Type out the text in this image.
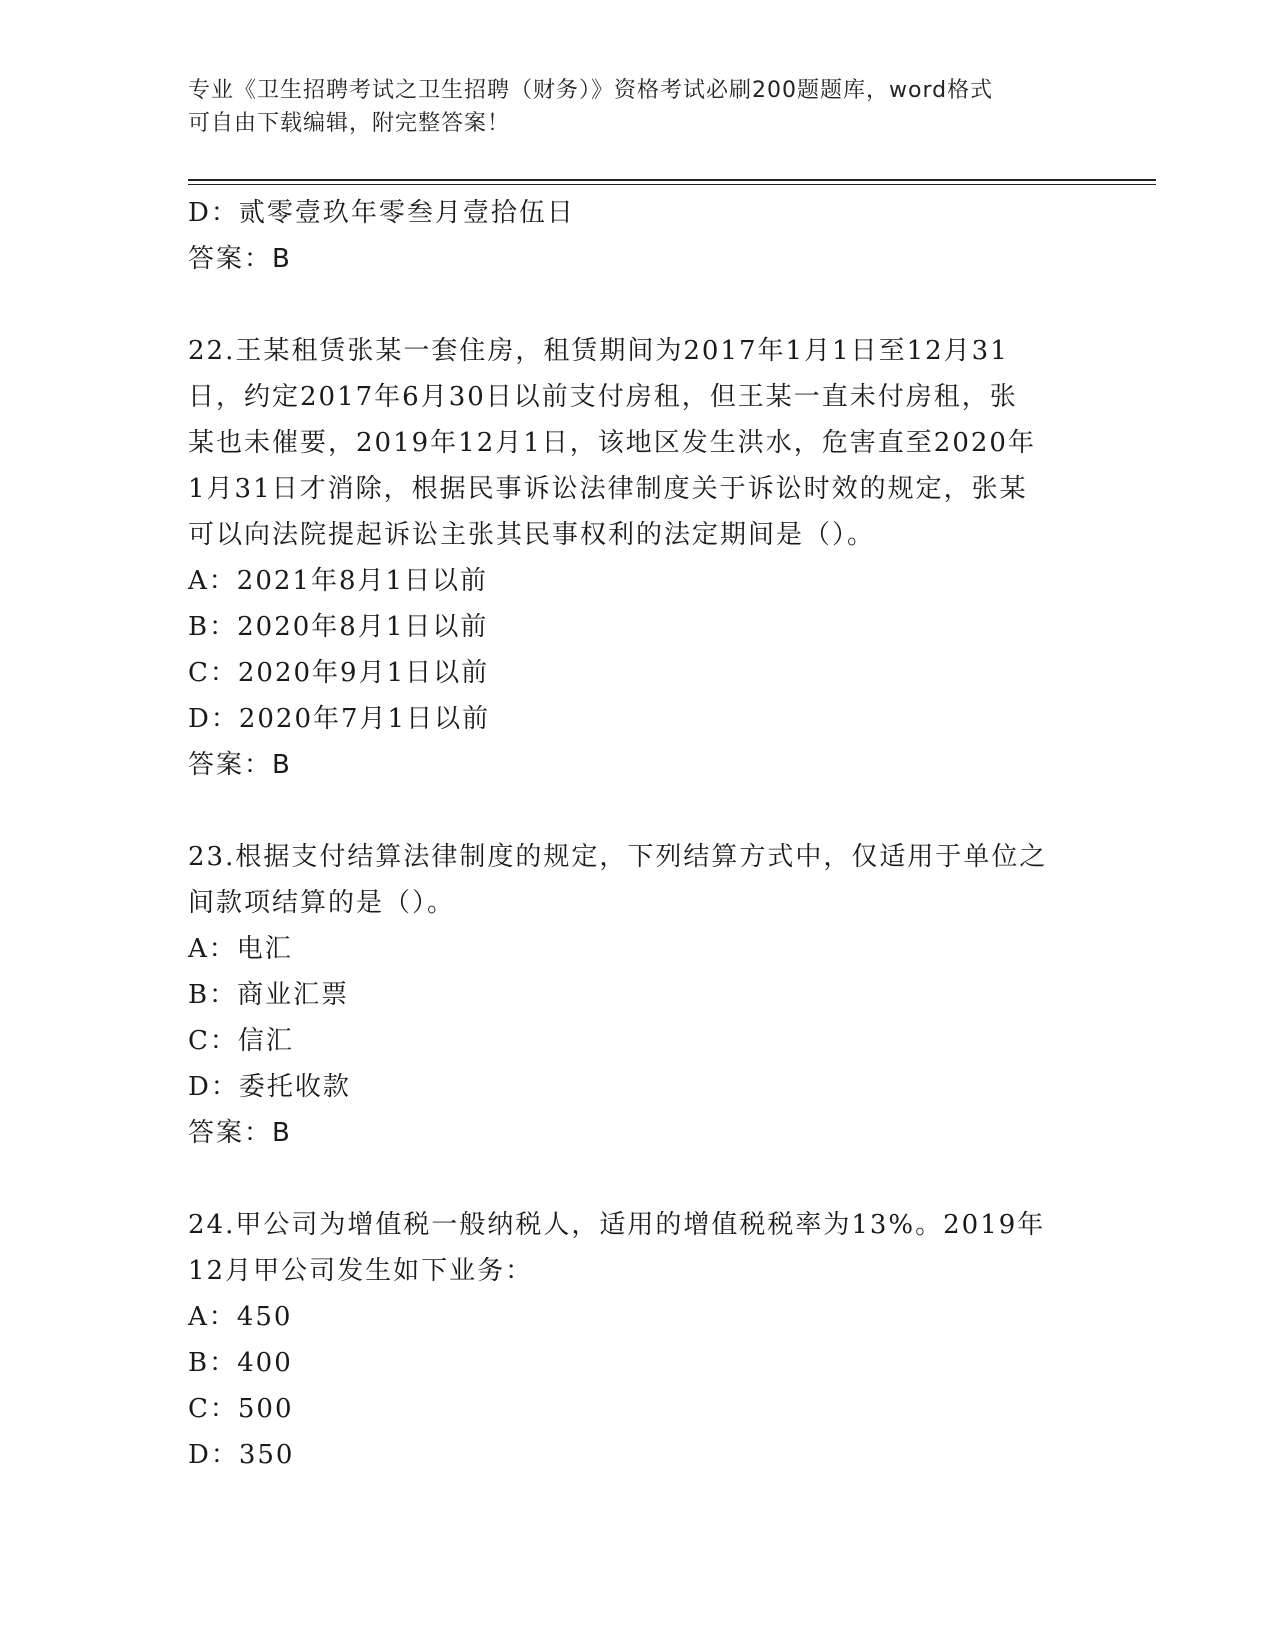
专业《卫生招聘考试之卫生招聘（财务）》资格考试必刷200题题库，word格式
可自由下载编辑，附完整答案！
D：贰零壹玖年零叁月壹拾伍日
答案：B
22.王某租赁张某一套住房，租赁期间为2017年1月1日至12月31
日，约定2017年6月30日以前支付房租，但王某一直未付房租，张
某也未催要，2019年12月1日，该地区发生洪水，危害直至2020年
1月31日才消除，根据民事诉讼法律制度关于诉讼时效的规定，张某
可以向法院提起诉讼主张其民事权利的法定期间是（）。
A：2021年8月1日以前
B：2020年8月1日以前
C：2020年9月1日以前
D：2020年7月1日以前
答案：B
23.根据支付结算法律制度的规定，下列结算方式中，仅适用于单位之
间款项结算的是（）。
A：电汇
B：商业汇票
C：信汇
D：委托收款
答案：B
24.甲公司为增值税一般纳税人，适用的增值税税率为13%。2019年
12月甲公司发生如下业务：
A：450
B：400
C：500
D：350
